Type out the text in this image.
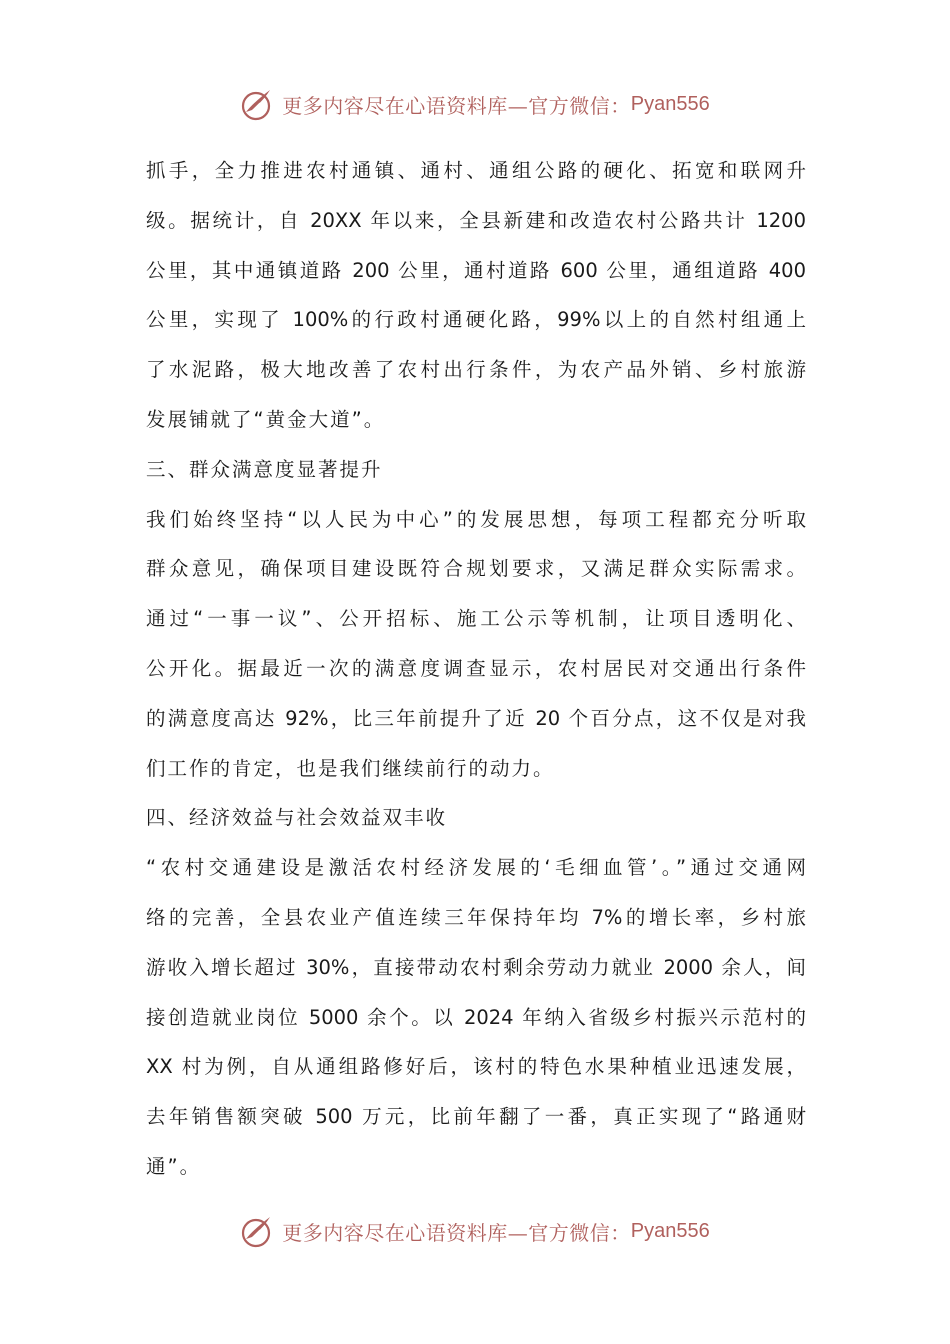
更多内容尽在心语资料库—官方微信： Pyan556
抓手，全力推进农村通镇、通村、通组公路的硬化、拓宽和联网升
级。据统计，自 20XX 年以来，全县新建和改造农村公路共计 1200
公里，其中通镇道路 200 公里，通村道路 600 公里，通组道路 400
公里，实现了 100%的行政村通硬化路，99%以上的自然村组通上
了水泥路，极大地改善了农村出行条件，为农产品外销、乡村旅游
发展铺就了“黄金大道”。
三、群众满意度显著提升
我们始终坚持“以人民为中心”的发展思想，每项工程都充分听取
群众意见，确保项目建设既符合规划要求，又满足群众实际需求。
通过“一事一议”、公开招标、施工公示等机制，让项目透明化、
公开化。据最近一次的满意度调查显示，农村居民对交通出行条件
的满意度高达 92%，比三年前提升了近 20 个百分点，这不仅是对我
们工作的肯定，也是我们继续前行的动力。
四、经济效益与社会效益双丰收
“农村交通建设是激活农村经济发展的‘毛细血管’。”通过交通网
络的完善，全县农业产值连续三年保持年均 7%的增长率，乡村旅
游收入增长超过 30%，直接带动农村剩余劳动力就业 2000 余人，间
接创造就业岗位 5000 余个。以 2024 年纳入省级乡村振兴示范村的
XX 村为例，自从通组路修好后，该村的特色水果种植业迅速发展，
去年销售额突破 500 万元，比前年翻了一番，真正实现了“路通财
通”。
更多内容尽在心语资料库—官方微信： Pyan556
